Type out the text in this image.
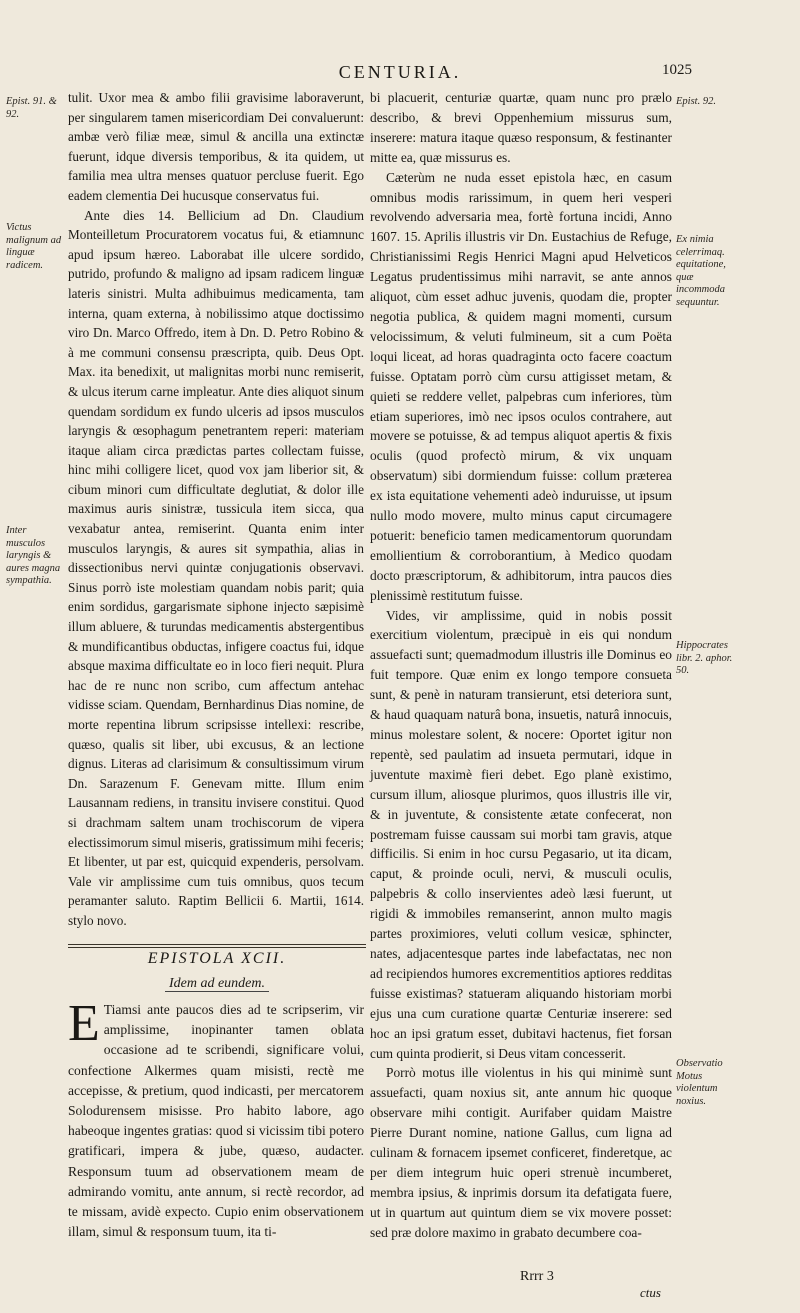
CENTURIA.	1025
Epist. 91. & 92.
Victus malignum ad linguæ radicem.
Inter musculos laryngis & aures magna sympathia.
Epist. 92.
Ex nimia celerrimaq. equitatione, quæ incommoda sequuntur.
Hippocrates libr. 2. aphor. 50.
Observatio Motus violentum noxius.

tulit. Uxor mea & ambo filii gravisime laboraverunt, per singularem tamen misericordiam Dei convaluerunt: ambæ verò filiæ meæ, simul & ancilla una extinctæ fuerunt, idque diversis temporibus, & ita quidem, ut familia mea ultra menses quatuor percluse fuerit. Ego eadem clementia Dei hucusque conservatus fui.

Ante dies 14. Bellicium ad Dn. Claudium Monteilletum Procuratorem vocatus fui, & etiamnunc apud ipsum hæreo. Laborabat ille ulcere sordido, putrido, profundo & maligno ad ipsam radicem linguæ lateris sinistri. Multa adhibuimus medicamenta, tam interna, quam externa, à nobilissimo atque doctissimo viro Dn. Marco Offredo, item à Dn. D. Petro Robino & à me communi consensu præscripta, quib. Deus Opt. Max. ita benedixit, ut malignitas morbi nunc remiserit, & ulcus iterum carne impleatur. Ante dies aliquot sinum quendam sordidum ex fundo ulceris ad ipsos musculos laryngis & œsophagum penetrantem reperi: materiam itaque aliam circa prædictas partes collectam fuisse, hinc mihi colligere licet, quod vox jam liberior sit, & cibum minori cum difficultate deglutiat, & dolor ille maximus auris sinistræ, tussicula item sicca, qua vexabatur antea, remiserint. Quanta enim inter musculos laryngis, & aures sit sympathia, alias in dissectionibus nervi quintæ conjugationis observavi. Sinus porrò iste molestiam quandam nobis parit; quia enim sordidus, gargarismate siphone injecto sæpisimè illum abluere, & turundas medicamentis abstergentibus & mundificantibus obductas, infigere coactus fui, idque absque maxima difficultate eo in loco fieri nequit. Plura hac de re nunc non scribo, cum affectum antehac vidisse sciam. Quendam, Bernhardinus Dias nomine, de morte repentina librum scripsisse intellexi: rescribe, quæso, qualis sit liber, ubi excusus, & an lectione dignus. Literas ad clarisimum & consultissimum virum Dn. Sarazenum F. Genevam mitte. Illum enim Lausannam rediens, in transitu invisere constitui. Quod si drachmam saltem unam trochiscorum de vipera electissimorum simul miseris, gratissimum mihi feceris; Et libenter, ut par est, quicquid expenderis, persolvam. Vale vir amplissime cum tuis omnibus, quos tecum peramanter saluto. Raptim Bellicii 6. Martii, 1614. stylo novo.

EPISTOLA XCII.
Idem ad eundem.
E Tiamsi ante paucos dies ad te scripserim, vir amplissime, inopinanter tamen oblata occasione ad te scribendi, significare volui, confectione Alkermes quam misisti, rectè me accepisse, & pretium, quod indicasti, per mercatorem Solodurensem misisse. Pro habito labore, ago habeoque ingentes gratias: quod si vicissim tibi potero gratificari, impera & jube, quæso, audacter. Responsum tuum ad observationem meam de admirando vomitu, ante annum, si rectè recordor, ad te missam, avidè expecto. Cupio enim observationem illam, simul & responsum tuum, ita ti-

bi placuerit, centuriæ quartæ, quam nunc pro prælo describo, & brevi Oppenhemium missurus sum, inserere: matura itaque quæso responsum, & festinanter mitte ea, quæ missurus es.

Cæterùm ne nuda esset epistola hæc, en casum omnibus modis rarissimum, in quem heri vesperi revolvendo adversaria mea, fortè fortuna incidi, Anno 1607. 15. Aprilis illustris vir Dn. Eustachius de Refuge, Christianissimi Regis Henrici Magni apud Helveticos Legatus prudentissimus mihi narravit, se ante annos aliquot, cùm esset adhuc juvenis, quodam die, propter negotia publica, & quidem magni momenti, cursum velocissimum, & veluti fulmineum, sit a cum Poëta loqui liceat, ad horas quadraginta octo facere coactum fuisse. Optatam porrò cùm cursu attigisset metam, & quieti se reddere vellet, palpebras cum inferiores, tùm etiam superiores, imò nec ipsos oculos contrahere, aut movere se potuisse, & ad tempus aliquot apertis & fixis oculis (quod profectò mirum, & vix unquam observatum) sibi dormiendum fuisse: collum præterea ex ista equitatione vehementi adeò induruisse, ut ipsum nullo modo movere, multo minus caput circumagere potuerit: beneficio tamen medicamentorum quorundam emollientium & corroborantium, à Medico quodam docto præscriptorum, & adhibitorum, intra paucos dies plenissimè restitutum fuisse.

Vides, vir amplissime, quid in nobis possit exercitium violentum, præcipuè in eis qui nondum assuefacti sunt; quemadmodum illustris ille Dominus eo fuit tempore. Quæ enim ex longo tempore consueta sunt, & penè in naturam transierunt, etsi deteriora sunt, & haud quaquam naturâ bona, insuetis, naturâ innocuis, minus molestare solent, & nocere: Oportet igitur non repentè, sed paulatim ad insueta permutari, idque in juventute maximè fieri debet. Ego planè existimo, cursum illum, aliosque plurimos, quos illustris ille vir, & in juventute, & consistente ætate confecerat, non postremam fuisse caussam sui morbi tam gravis, atque difficilis. Si enim in hoc cursu Pegasario, ut ita dicam, caput, & proinde oculi, nervi, & musculi oculis, palpebris & collo inservientes adeò læsi fuerunt, ut rigidi & immobiles remanserint, annon multo magis partes proximiores, veluti collum vesicæ, sphincter, nates, adjacentesque partes inde labefactatas, nec non ad recipiendos humores excrementitios aptiores redditas fuisse existimas? statueram aliquando historiam morbi ejus una cum curatione quartæ Centuriæ inserere: sed hoc an ipsi gratum esset, dubitavi hactenus, fiet forsan cum quinta prodierit, si Deus vitam concesserit.

Porrò motus ille violentus in his qui minimè sunt assuefacti, quam noxius sit, ante annum hic quoque observare mihi contigit. Aurifaber quidam Maistre Pierre Durant nomine, natione Gallus, cum ligna ad culinam & fornacem ipsemet conficeret, finderetque, ac per diem integrum huic operi strenuè incumberet, membra ipsius, & inprimis dorsum ita defatigata fuere, ut in quartum aut quintum diem se vix movere posset: sed præ dolore maximo in grabato decumbere coa-

Rrrr 3
ctus
